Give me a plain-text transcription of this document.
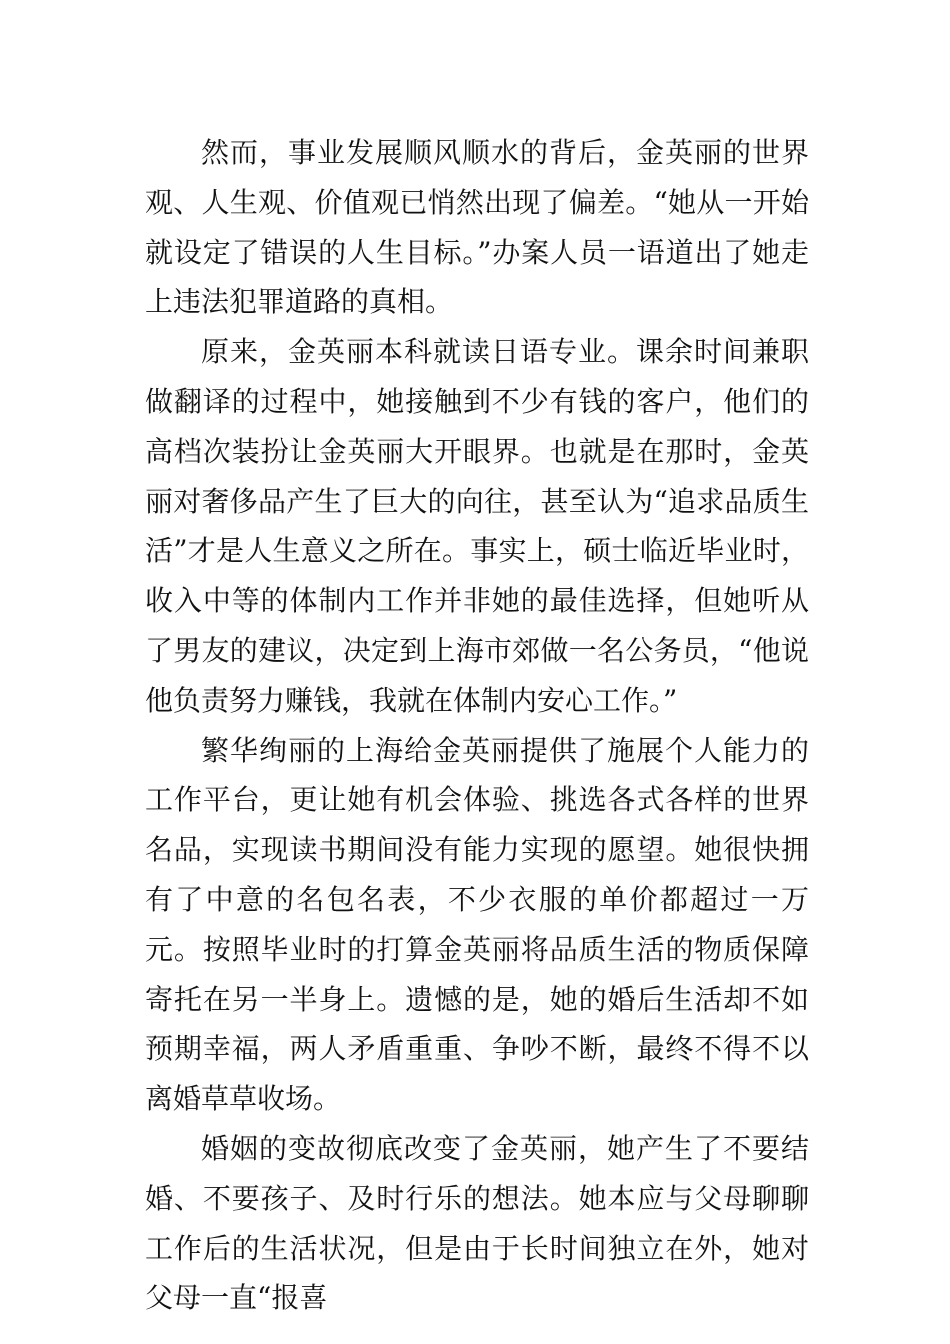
然而，事业发展顺风顺水的背后，金英丽的世界观、人生观、价值观已悄然出现了偏差。“她从一开始就设定了错误的人生目标。”办案人员一语道出了她走上违法犯罪道路的真相。

原来，金英丽本科就读日语专业。课余时间兼职做翻译的过程中，她接触到不少有钱的客户，他们的高档次装扮让金英丽大开眼界。也就是在那时，金英丽对奢侈品产生了巨大的向往，甚至认为“追求品质生活”才是人生意义之所在。事实上，硕士临近毕业时，收入中等的体制内工作并非她的最佳选择，但她听从了男友的建议，决定到上海市郊做一名公务员，“他说他负责努力赚钱，我就在体制内安心工作。”

繁华绚丽的上海给金英丽提供了施展个人能力的工作平台，更让她有机会体验、挑选各式各样的世界名品，实现读书期间没有能力实现的愿望。她很快拥有了中意的名包名表，不少衣服的单价都超过一万元。按照毕业时的打算金英丽将品质生活的物质保障寄托在另一半身上。遗憾的是，她的婚后生活却不如预期幸福，两人矛盾重重、争吵不断，最终不得不以离婚草草收场。

婚姻的变故彻底改变了金英丽，她产生了不要结婚、不要孩子、及时行乐的想法。她本应与父母聊聊工作后的生活状况，但是由于长时间独立在外，她对父母一直“报喜
